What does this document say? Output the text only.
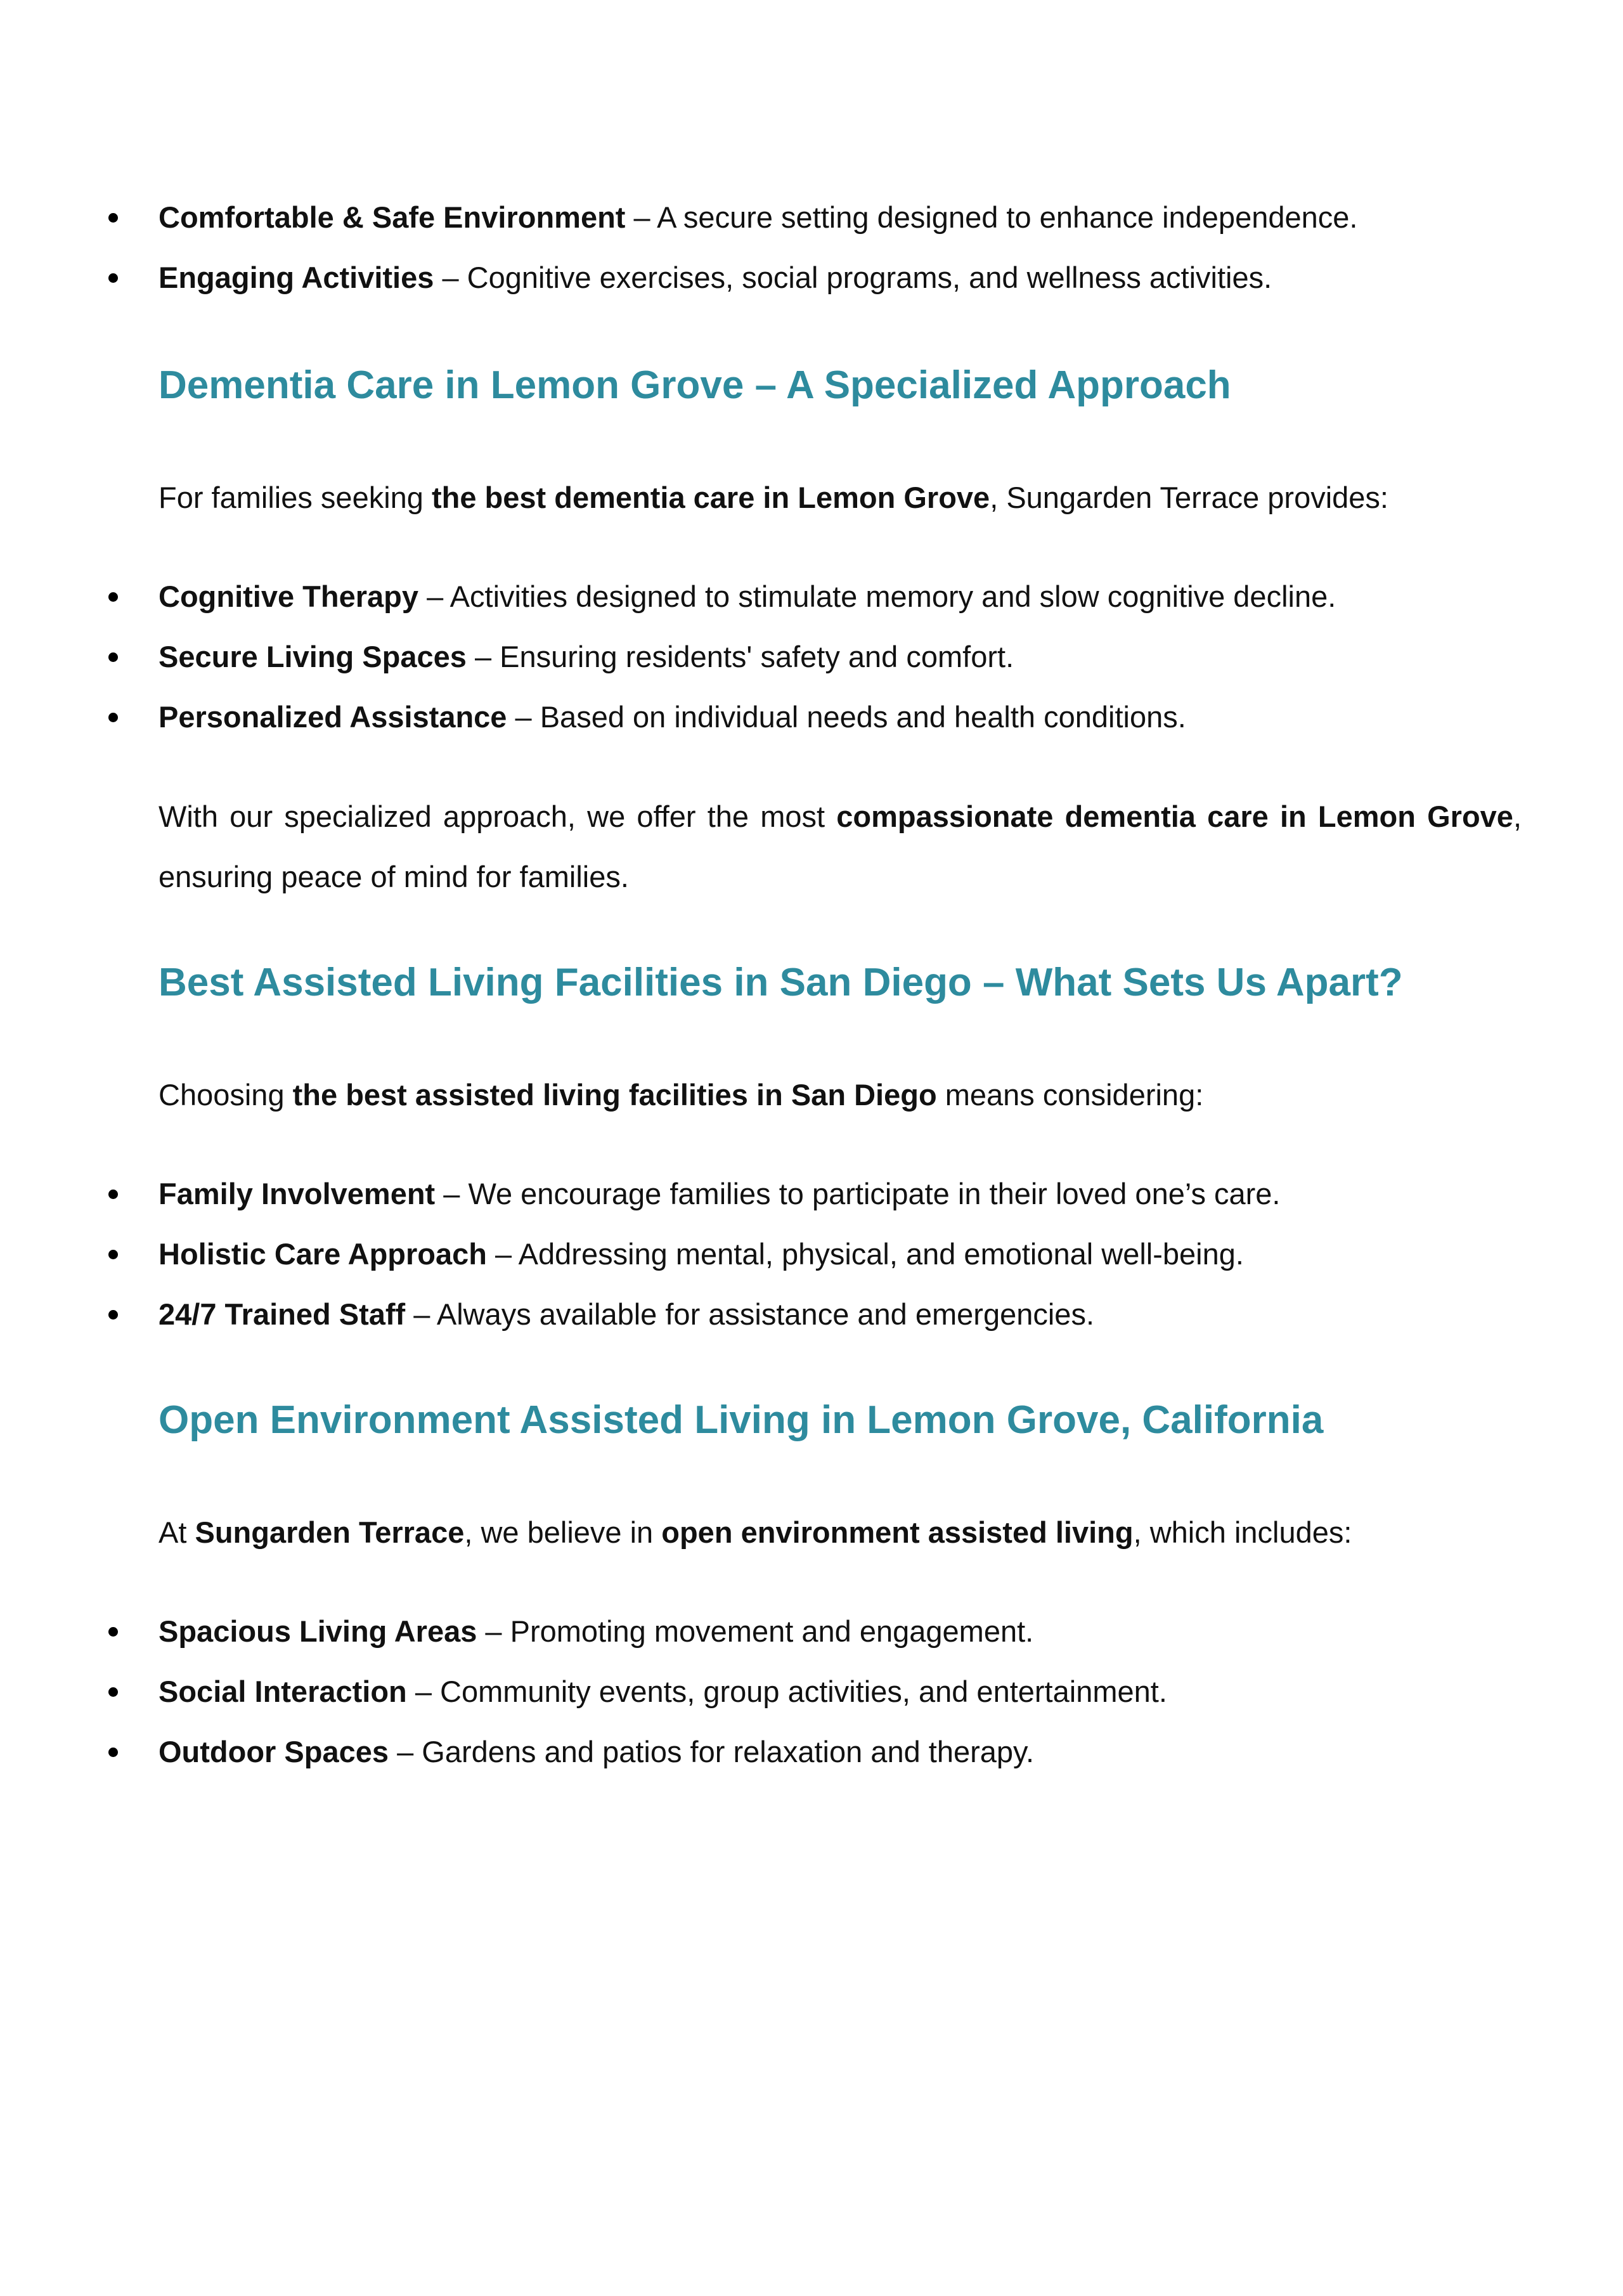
Comfortable & Safe Environment – A secure setting designed to enhance independence.
Engaging Activities – Cognitive exercises, social programs, and wellness activities.
Dementia Care in Lemon Grove – A Specialized Approach

For families seeking the best dementia care in Lemon Grove, Sungarden Terrace provides:

Cognitive Therapy – Activities designed to stimulate memory and slow cognitive decline.
Secure Living Spaces – Ensuring residents' safety and comfort.
Personalized Assistance – Based on individual needs and health conditions.

With our specialized approach, we offer the most compassionate dementia care in Lemon Grove, ensuring peace of mind for families.

Best Assisted Living Facilities in San Diego – What Sets Us Apart?

Choosing the best assisted living facilities in San Diego means considering:

Family Involvement – We encourage families to participate in their loved one’s care.
Holistic Care Approach – Addressing mental, physical, and emotional well-being.
24/7 Trained Staff – Always available for assistance and emergencies.
Open Environment Assisted Living in Lemon Grove, California

At Sungarden Terrace, we believe in open environment assisted living, which includes:

Spacious Living Areas – Promoting movement and engagement.
Social Interaction – Community events, group activities, and entertainment.
Outdoor Spaces – Gardens and patios for relaxation and therapy.
